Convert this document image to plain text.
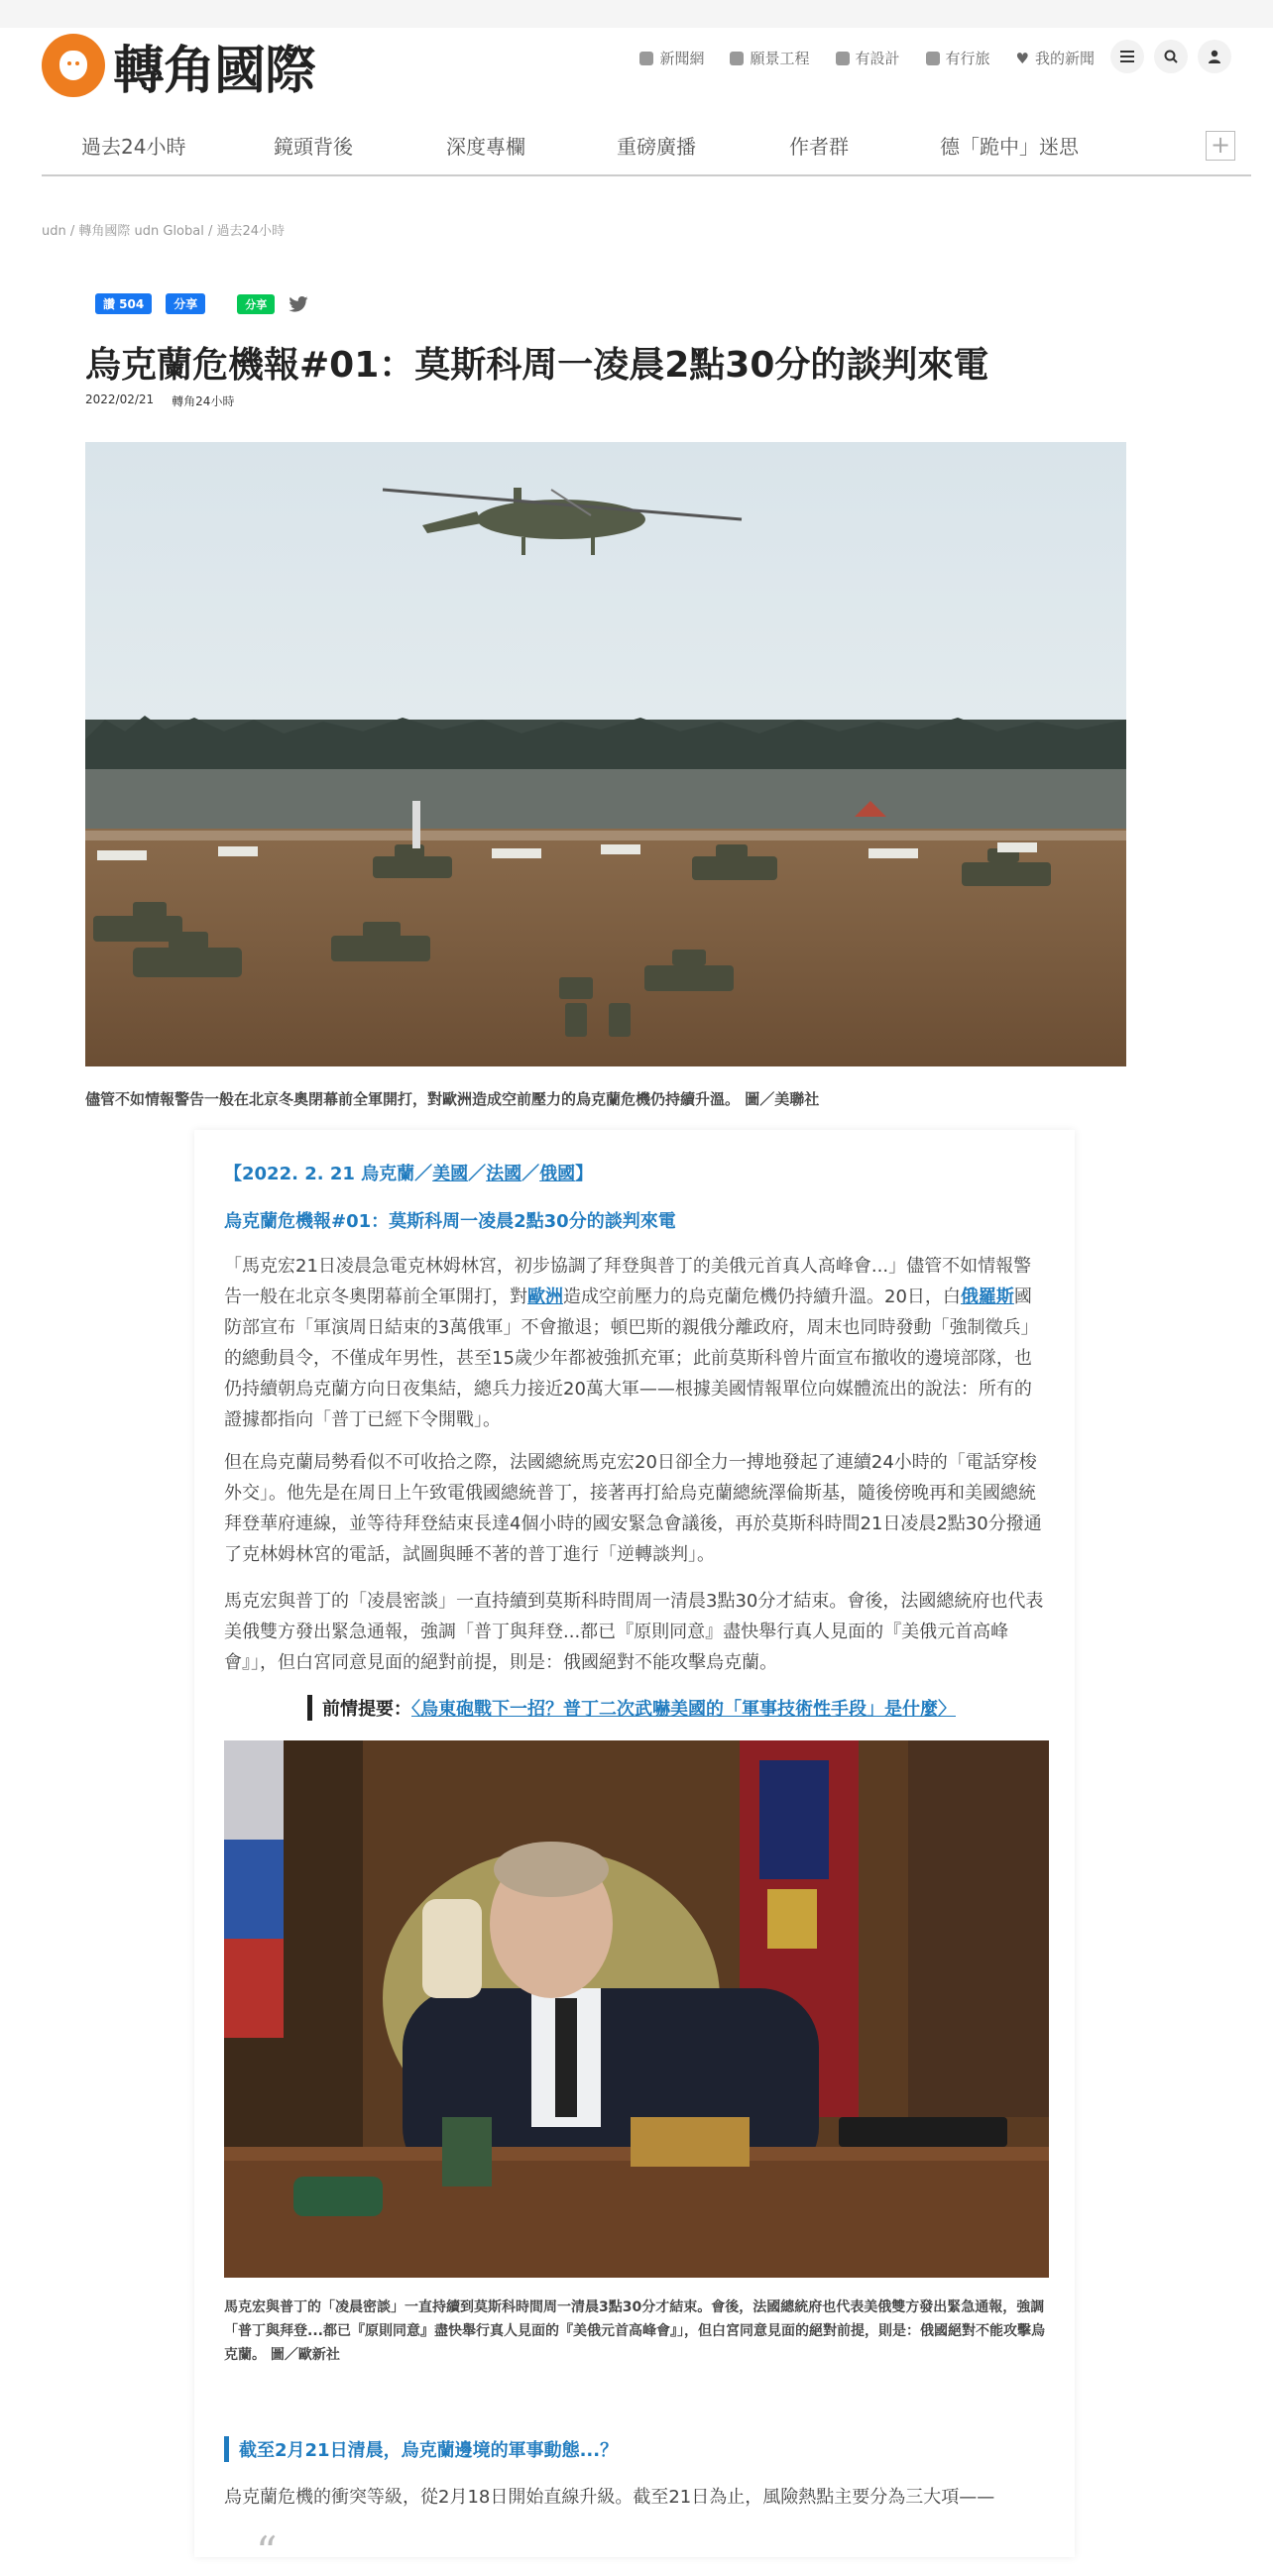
轉角國際	新聞網	願景工程	有設計	有行旅 ♥ 我的新聞
過去24小時	鏡頭背後	深度專欄	重磅廣播	作者群	德「跪中」迷思	+
udn / 轉角國際 udn Global / 過去24小時
讚 504	分享	分享
烏克蘭危機報#01：莫斯科周一凌晨2點30分的談判來電
2022/02/21 轉角24小時
儘管不如情報警告一般在北京冬奧閉幕前全軍開打，對歐洲造成空前壓力的烏克蘭危機仍持續升溫。 圖／美聯社
【2022. 2. 21 烏克蘭／美國／法國／俄國】
烏克蘭危機報#01：莫斯科周一凌晨2點30分的談判來電
「馬克宏21日凌晨急電克林姆林宮，初步協調了拜登與普丁的美俄元首真人高峰會...」儘管不如情報警告一般在北京冬奧閉幕前全軍開打，對歐洲造成空前壓力的烏克蘭危機仍持續升溫。20日，白俄羅斯國防部宣布「軍演周日結束的3萬俄軍」不會撤退；頓巴斯的親俄分離政府，周末也同時發動「強制徵兵」的總動員令，不僅成年男性，甚至15歲少年都被強抓充軍；此前莫斯科曾片面宣布撤收的邊境部隊，也仍持續朝烏克蘭方向日夜集結，總兵力接近20萬大軍——根據美國情報單位向媒體流出的說法：所有的證據都指向「普丁已經下令開戰」。
但在烏克蘭局勢看似不可收拾之際，法國總統馬克宏20日卻全力一搏地發起了連續24小時的「電話穿梭外交」。他先是在周日上午致電俄國總統普丁，接著再打給烏克蘭總統澤倫斯基，隨後傍晚再和美國總統拜登華府連線，並等待拜登結束長達4個小時的國安緊急會議後，再於莫斯科時間21日凌晨2點30分撥通了克林姆林宮的電話，試圖與睡不著的普丁進行「逆轉談判」。
馬克宏與普丁的「凌晨密談」一直持續到莫斯科時間周一清晨3點30分才結束。會後，法國總統府也代表美俄雙方發出緊急通報，強調「普丁與拜登...都已『原則同意』盡快舉行真人見面的『美俄元首高峰會』」，但白宮同意見面的絕對前提，則是：俄國絕對不能攻擊烏克蘭。
前情提要：〈烏東砲戰下一招？普丁二次武嚇美國的「軍事技術性手段」是什麼〉
馬克宏與普丁的「凌晨密談」一直持續到莫斯科時間周一清晨3點30分才結束。會後，法國總統府也代表美俄雙方發出緊急通報，強調「普丁與拜登...都已『原則同意』盡快舉行真人見面的『美俄元首高峰會』」，但白宮同意見面的絕對前提，則是：俄國絕對不能攻擊烏克蘭。 圖／歐新社
截至2月21日清晨，烏克蘭邊境的軍事動態...？
烏克蘭危機的衝突等級，從2月18日開始直線升級。截至21日為止，風險熱點主要分為三大項——
“
